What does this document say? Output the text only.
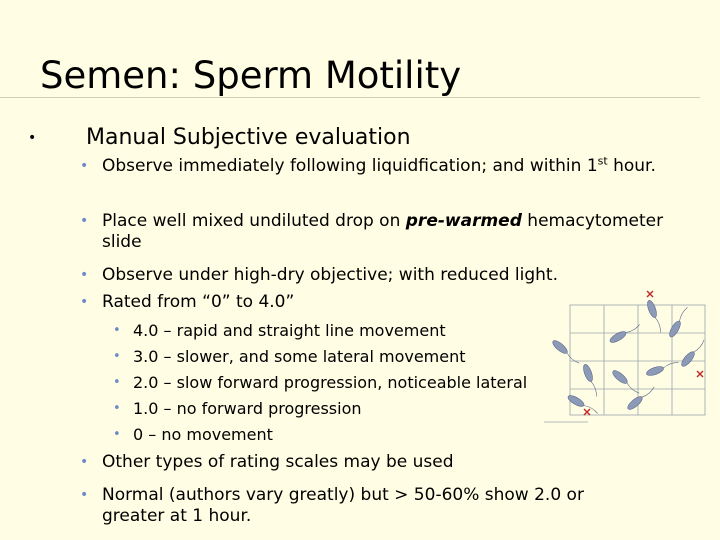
Semen: Sperm Motility
• Manual Subjective evaluation
• Observe immediately following liquidfication; and within 1st hour.
• Place well mixed undiluted drop on pre-warmed hemacytometer slide
• Observe under high-dry objective; with reduced light.
• Rated from “0” to 4.0”
• 4.0 – rapid and straight line movement
• 3.0 – slower, and some lateral movement
• 2.0 – slow forward progression, noticeable lateral
• 1.0 – no forward progression
• 0 – no movement
• Other types of rating scales may be used
• Normal (authors vary greatly) but > 50-60% show 2.0 or greater at 1 hour.
